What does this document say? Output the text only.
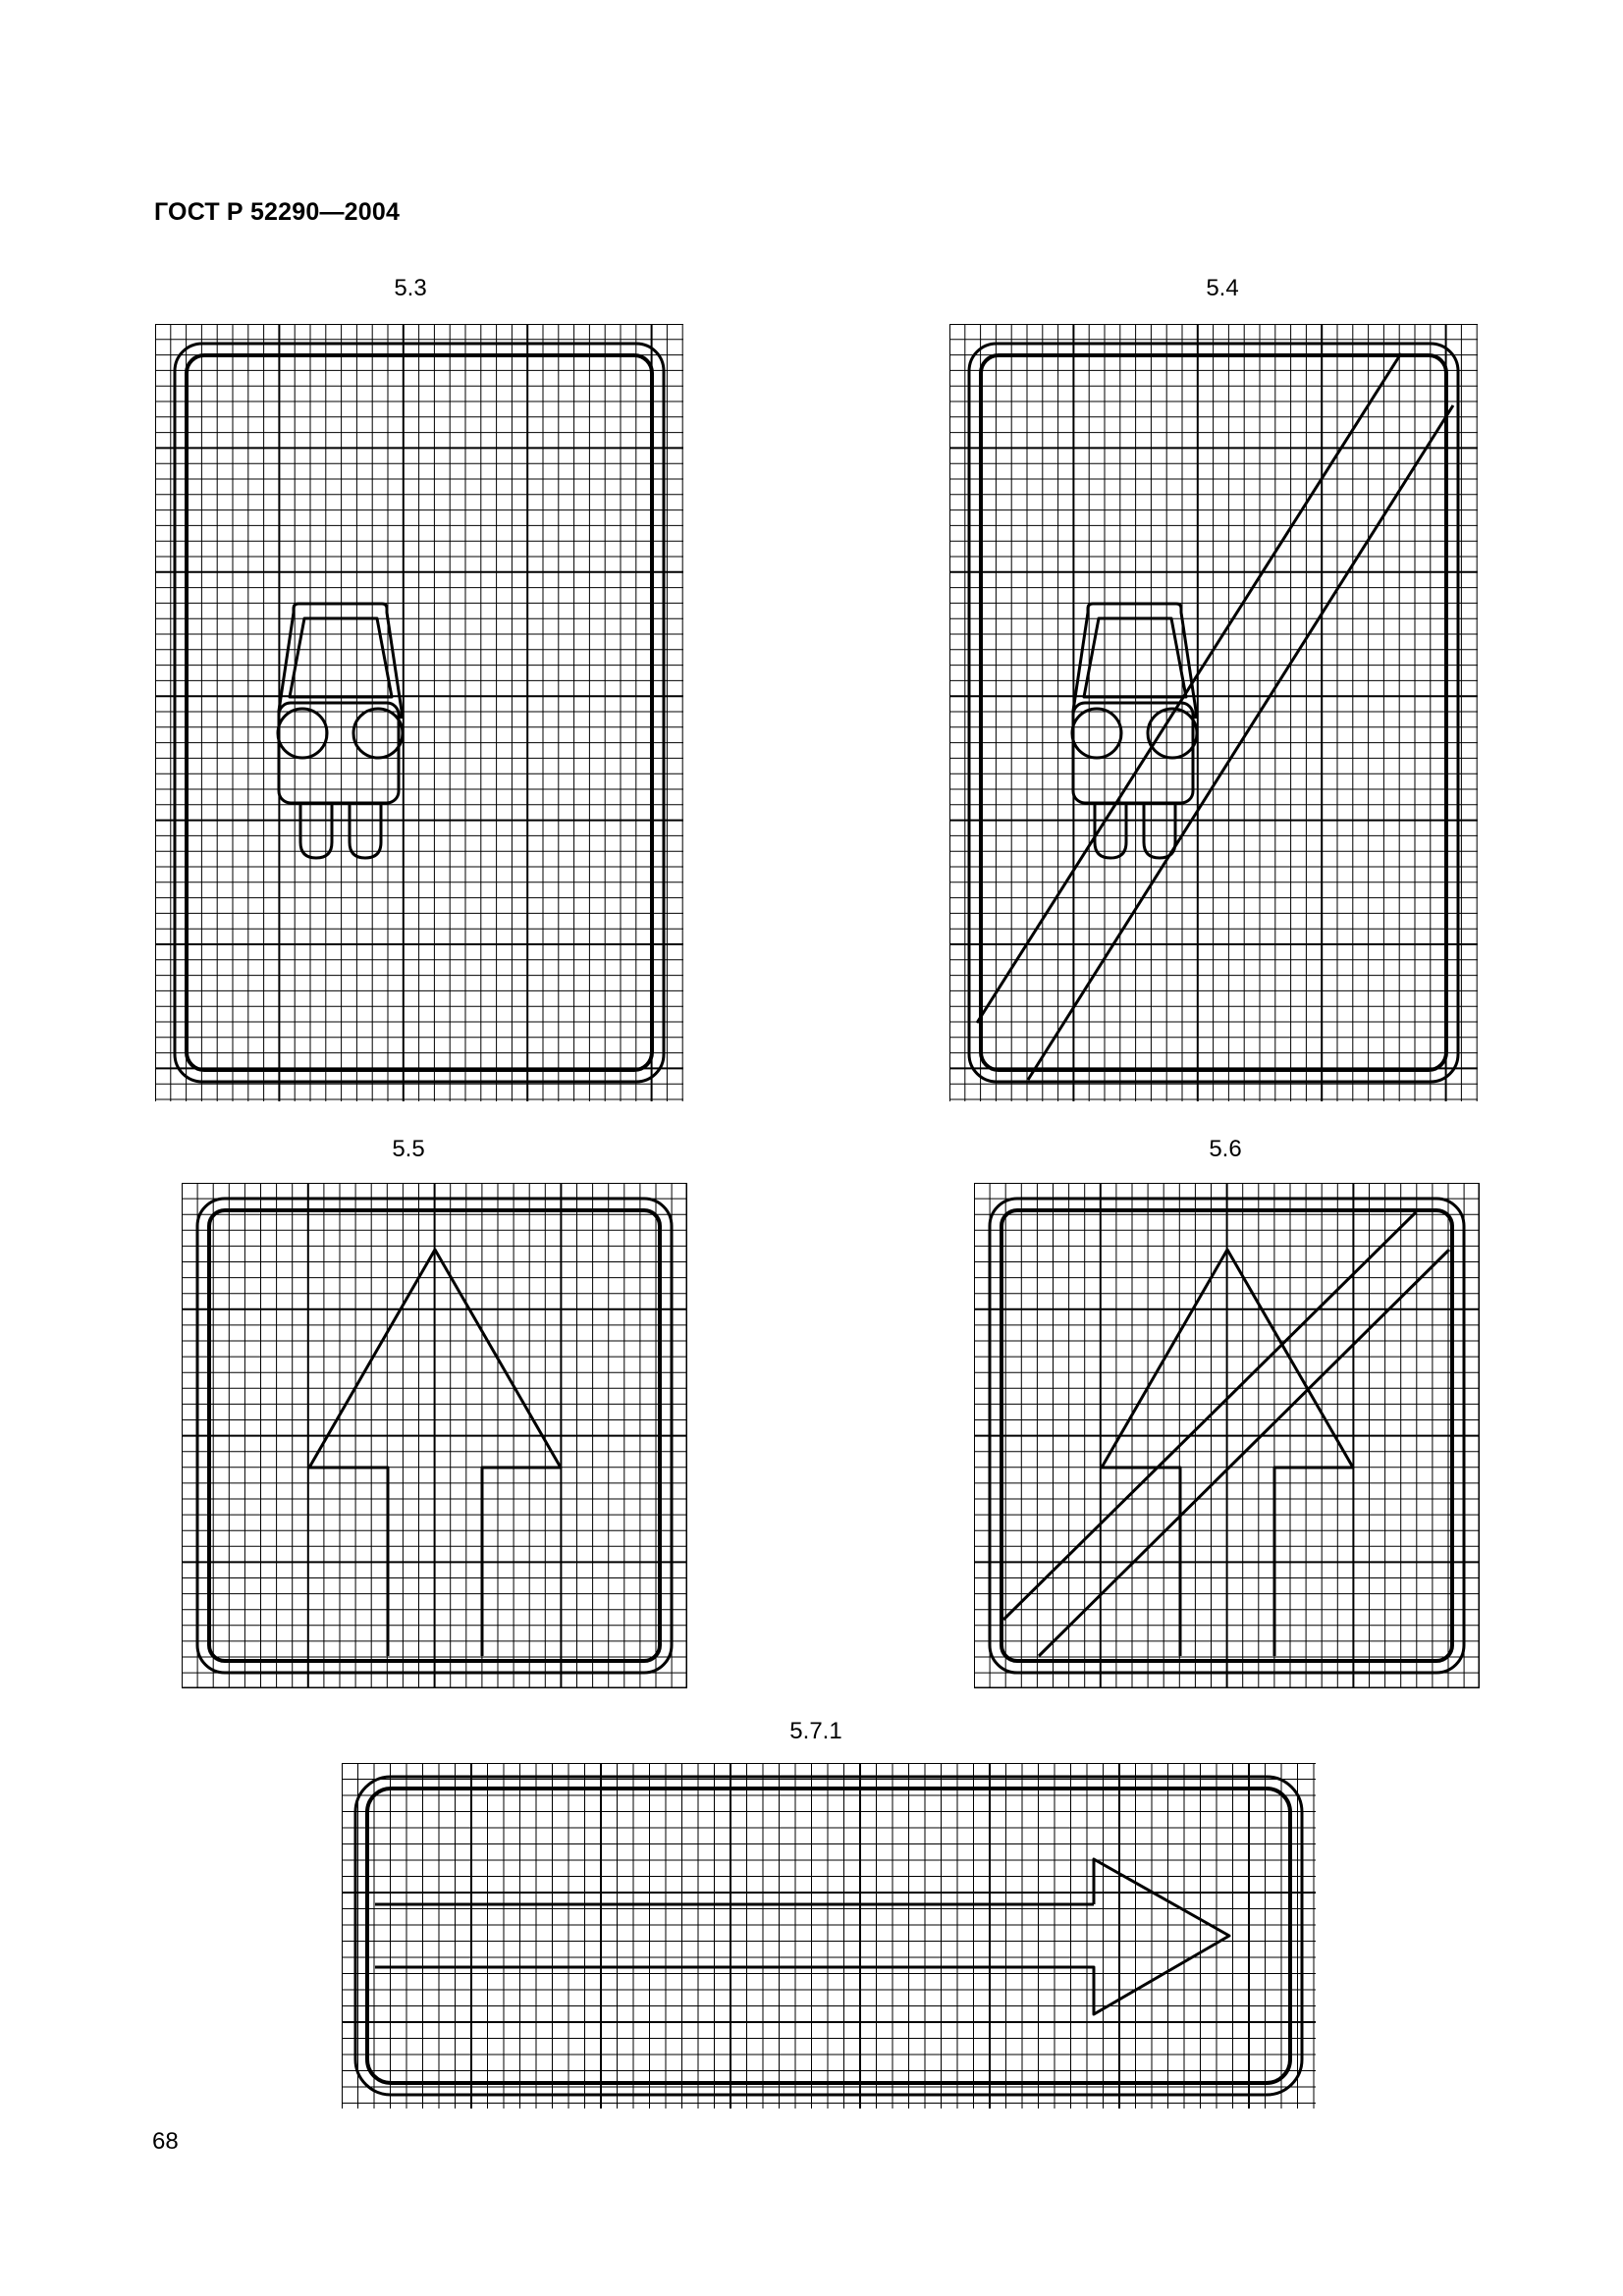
ГОСТ Р 52290—2004
5.3	5.4
5.5	5.6
5.7.1
68
